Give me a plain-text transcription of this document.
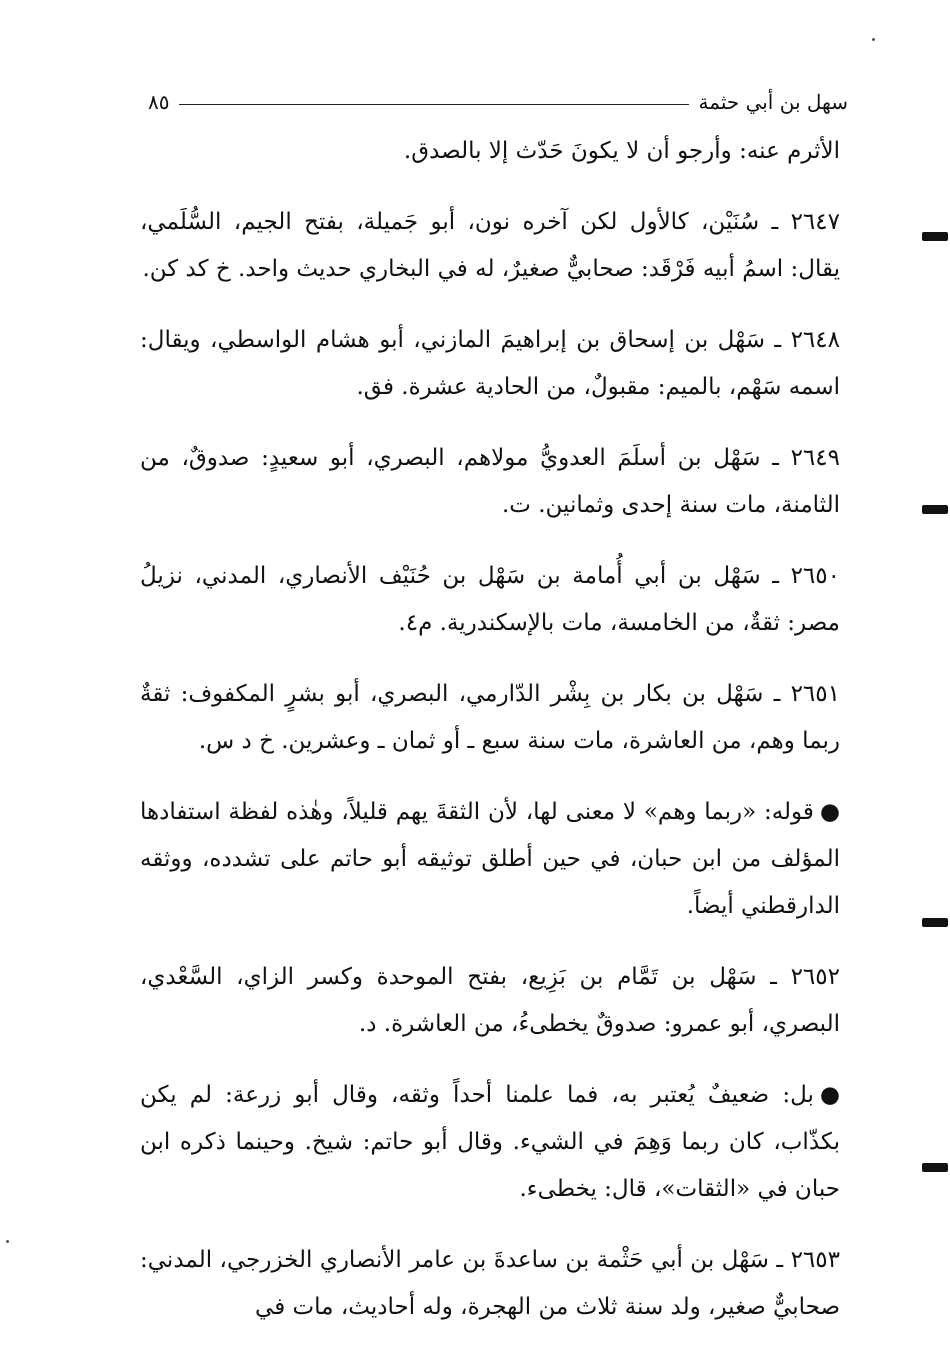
٨٥	سهل بن أبي حثمة

الأثرم عنه: وأرجو أن لا يكونَ حَدّث إلا بالصدق.

٢٦٤٧ ـ سُنَيْن، كالأول لكن آخره نون، أبو جَميلة، بفتح الجيم، السُّلَمي، يقال: اسمُ أبيه فَرْقَد: صحابيٌّ صغيرٌ، له في البخاري حديث واحد. خ كد كن.

٢٦٤٨ ـ سَهْل بن إسحاق بن إبراهيمَ المازني، أبو هشام الواسطي، ويقال: اسمه سَهْم، بالميم: مقبولٌ، من الحادية عشرة. فق.

٢٦٤٩ ـ سَهْل بن أسلَمَ العدويُّ مولاهم، البصري، أبو سعيدٍ: صدوقٌ، من الثامنة، مات سنة إحدى وثمانين. ت.

٢٦٥٠ ـ سَهْل بن أبي أُمامة بن سَهْل بن حُنَيْف الأنصاري، المدني، نزيلُ مصر: ثقةٌ، من الخامسة، مات بالإسكندرية. م٤.

٢٦٥١ ـ سَهْل بن بكار بن بِشْر الدّارمي، البصري، أبو بشرٍ المكفوف: ثقةٌ ربما وهم، من العاشرة، مات سنة سبع ـ أو ثمان ـ وعشرين. خ د س.

●قوله: «ربما وهم» لا معنى لها، لأن الثقةَ يهم قليلاً، وهٰذه لفظة استفادها المؤلف من ابن حبان، في حين أطلق توثيقه أبو حاتم على تشدده، ووثقه الدارقطني أيضاً.

٢٦٥٢ ـ سَهْل بن تَمَّام بن بَزِيع، بفتح الموحدة وكسر الزاي، السَّعْدي، البصري، أبو عمرو: صدوقٌ يخطىءُ، من العاشرة. د.

●بل: ضعيفٌ يُعتبر به، فما علمنا أحداً وثقه، وقال أبو زرعة: لم يكن بكذّاب، كان ربما وَهِمَ في الشيء. وقال أبو حاتم: شيخ. وحينما ذكره ابن حبان في «الثقات»، قال: يخطىء.

٢٦٥٣ ـ سَهْل بن أبي حَثْمة بن ساعدةَ بن عامر الأنصاري الخزرجي، المدني: صحابيٌّ صغير، ولد سنة ثلاث من الهجرة، وله أحاديث، مات في
